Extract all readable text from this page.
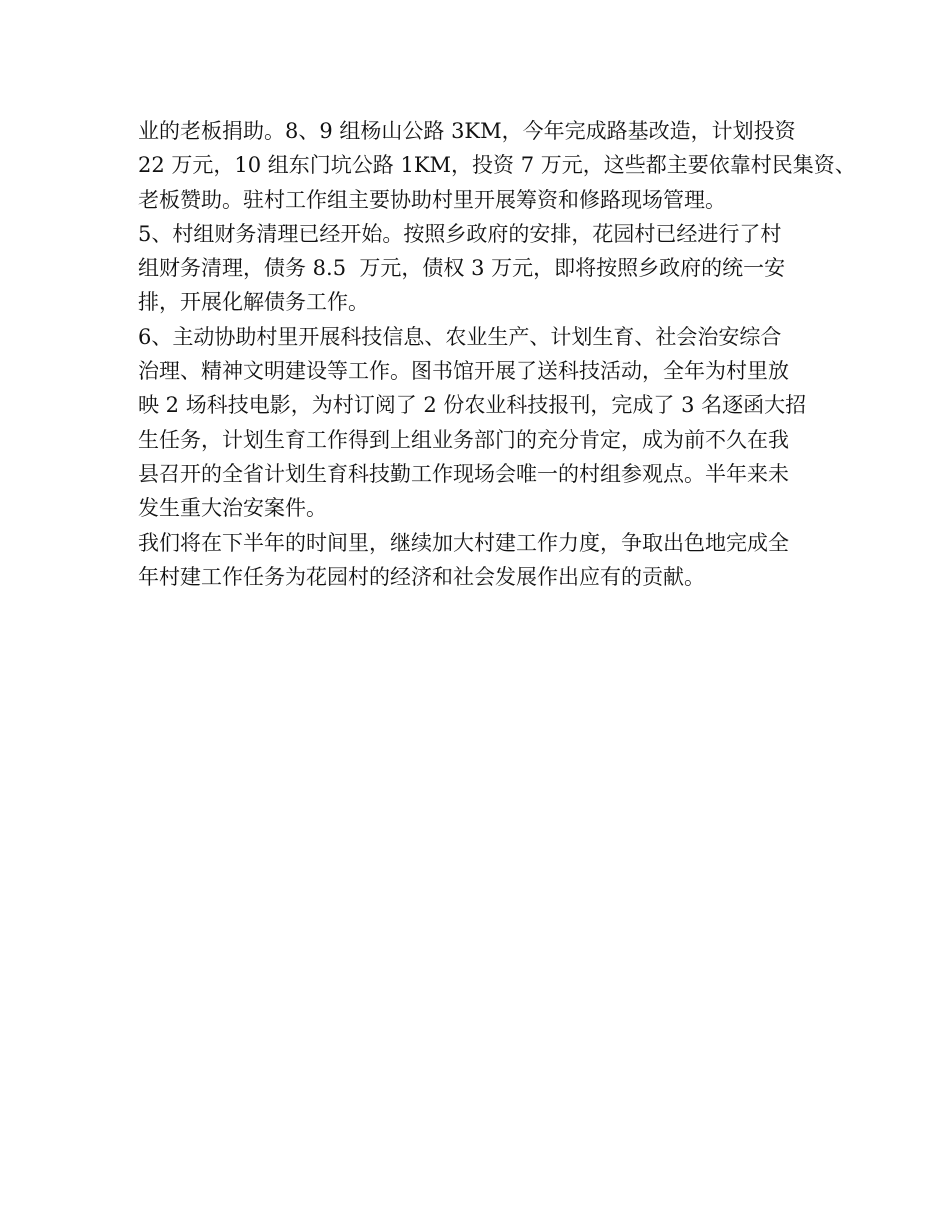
业的老板捐助。8、9 组杨山公路 3KM，今年完成路基改造，计划投资
22 万元，10 组东门坑公路 1KM，投资 7 万元，这些都主要依靠村民集资、
老板赞助。驻村工作组主要协助村里开展筹资和修路现场管理。
5、村组财务清理已经开始。按照乡政府的安排，花园村已经进行了村
组财务清理，债务 8.5  万元，债权 3 万元，即将按照乡政府的统一安
排，开展化解债务工作。
6、主动协助村里开展科技信息、农业生产、计划生育、社会治安综合
治理、精神文明建设等工作。图书馆开展了送科技活动，全年为村里放
映 2 场科技电影，为村订阅了 2 份农业科技报刊，完成了 3 名逐函大招
生任务，计划生育工作得到上组业务部门的充分肯定，成为前不久在我
县召开的全省计划生育科技勤工作现场会唯一的村组参观点。半年来未
发生重大治安案件。
我们将在下半年的时间里，继续加大村建工作力度，争取出色地完成全
年村建工作任务为花园村的经济和社会发展作出应有的贡献。
